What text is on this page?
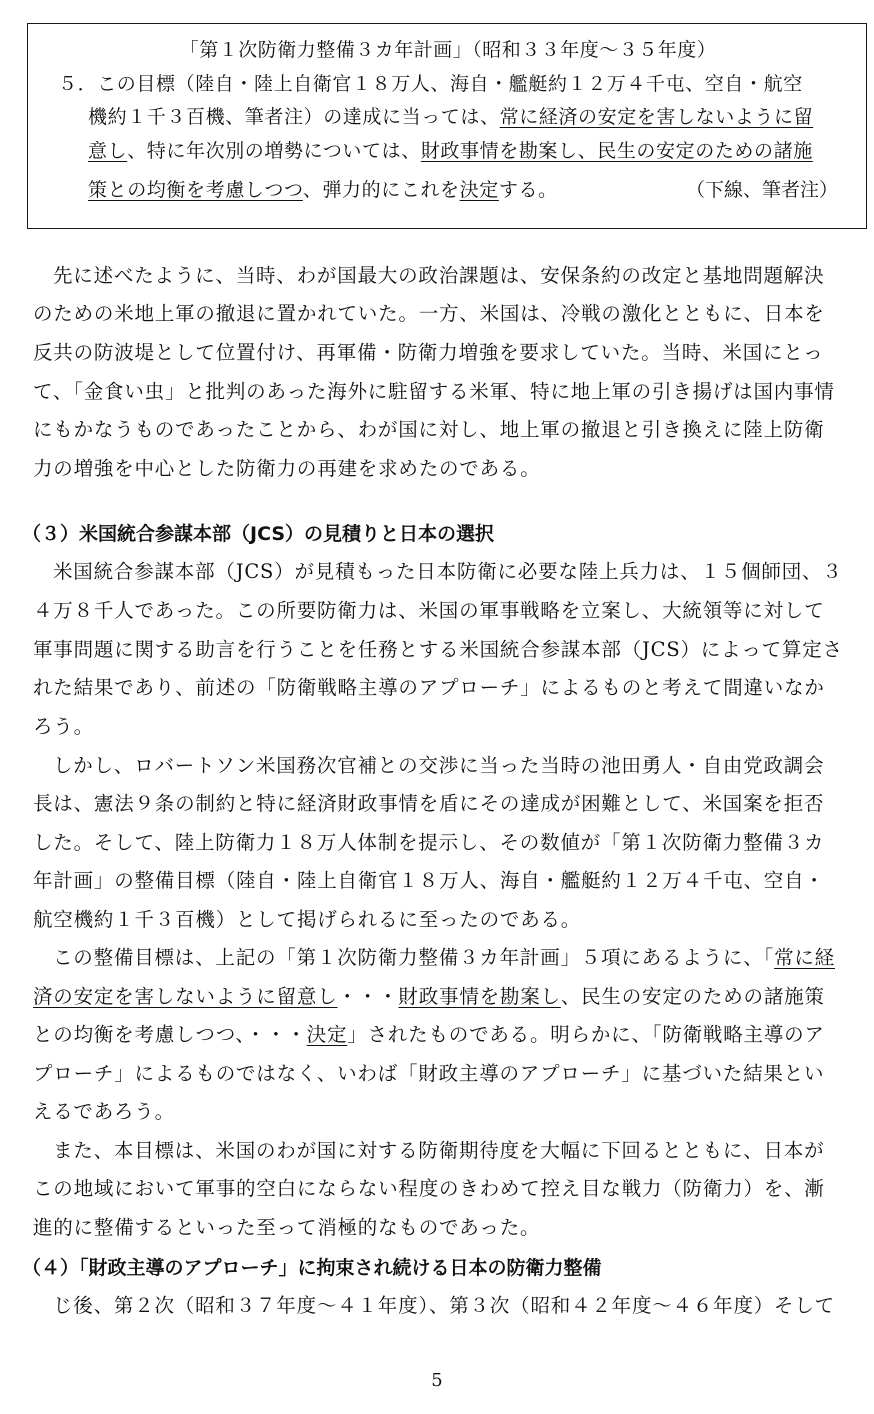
「第１次防衛力整備３カ年計画」（昭和３３年度～３５年度）
５．この目標（陸自・陸上自衛官１８万人、海自・艦艇約１２万４千屯、空自・航空
機約１千３百機、筆者注）の達成に当っては、常に経済の安定を害しないように留
意し、特に年次別の増勢については、財政事情を勘案し、民生の安定のための諸施
策との均衡を考慮しつつ、弾力的にこれを決定する。	（下線、筆者注）
先に述べたように、当時、わが国最大の政治課題は、安保条約の改定と基地問題解決
のための米地上軍の撤退に置かれていた。一方、米国は、冷戦の激化とともに、日本を
反共の防波堤として位置付け、再軍備・防衛力増強を要求していた。当時、米国にとっ
て、「金食い虫」と批判のあった海外に駐留する米軍、特に地上軍の引き揚げは国内事情
にもかなうものであったことから、わが国に対し、地上軍の撤退と引き換えに陸上防衛
力の増強を中心とした防衛力の再建を求めたのである。
（３）米国統合参謀本部（JCS）の見積りと日本の選択
米国統合参謀本部（JCS）が見積もった日本防衛に必要な陸上兵力は、１５個師団、３
４万８千人であった。この所要防衛力は、米国の軍事戦略を立案し、大統領等に対して
軍事問題に関する助言を行うことを任務とする米国統合参謀本部（JCS）によって算定さ
れた結果であり、前述の「防衛戦略主導のアプローチ」によるものと考えて間違いなか
ろう。
しかし、ロバートソン米国務次官補との交渉に当った当時の池田勇人・自由党政調会
長は、憲法９条の制約と特に経済財政事情を盾にその達成が困難として、米国案を拒否
した。そして、陸上防衛力１８万人体制を提示し、その数値が「第１次防衛力整備３カ
年計画」の整備目標（陸自・陸上自衛官１８万人、海自・艦艇約１２万４千屯、空自・
航空機約１千３百機）として掲げられるに至ったのである。
この整備目標は、上記の「第１次防衛力整備３カ年計画」５項にあるように、「常に経
済の安定を害しないように留意し・・・財政事情を勘案し、民生の安定のための諸施策
との均衡を考慮しつつ、・・・決定」されたものである。明らかに、「防衛戦略主導のア
プローチ」によるものではなく、いわば「財政主導のアプローチ」に基づいた結果とい
えるであろう。
また、本目標は、米国のわが国に対する防衛期待度を大幅に下回るとともに、日本が
この地域において軍事的空白にならない程度のきわめて控え目な戦力（防衛力）を、漸
進的に整備するといった至って消極的なものであった。
（４）「財政主導のアプローチ」に拘束され続ける日本の防衛力整備
じ後、第２次（昭和３７年度～４１年度）、第３次（昭和４２年度～４６年度）そして
5
